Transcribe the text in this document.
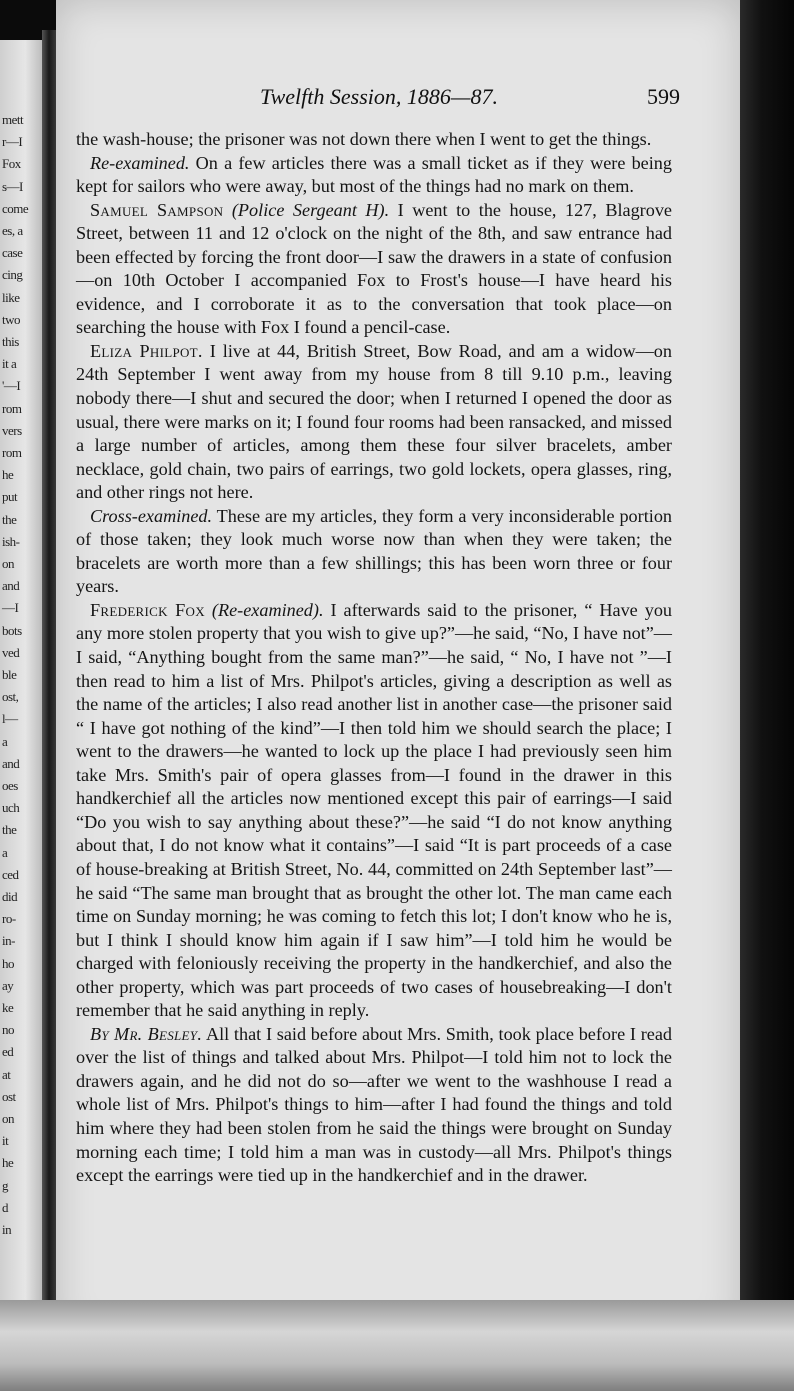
mett
r—I
Fox
s—I
come
es, a
case
cing
like
two
this
it a
'—I
rom
vers
rom
he
put
the
ish-
on
and
—I
bots
ved
ble
ost,
l—
a
and
oes
uch
the
a
ced
did
ro-
in-
ho
ay
ke
no
ed
at
ost
on
it
he
g
d
in
Twelfth Session, 1886—87.	599

the wash-house; the prisoner was not down there when I went to get the things.

Re-examined. On a few articles there was a small ticket as if they were being kept for sailors who were away, but most of the things had no mark on them.

Samuel Sampson (Police Sergeant H). I went to the house, 127, Blagrove Street, between 11 and 12 o'clock on the night of the 8th, and saw entrance had been effected by forcing the front door—I saw the drawers in a state of confusion—on 10th October I accompanied Fox to Frost's house—I have heard his evidence, and I corroborate it as to the conversation that took place—on searching the house with Fox I found a pencil-case.

Eliza Philpot. I live at 44, British Street, Bow Road, and am a widow—on 24th September I went away from my house from 8 till 9.10 p.m., leaving nobody there—I shut and secured the door; when I returned I opened the door as usual, there were marks on it; I found four rooms had been ransacked, and missed a large number of articles, among them these four silver bracelets, amber necklace, gold chain, two pairs of earrings, two gold lockets, opera glasses, ring, and other rings not here.

Cross-examined. These are my articles, they form a very inconsiderable portion of those taken; they look much worse now than when they were taken; the bracelets are worth more than a few shillings; this has been worn three or four years.

Frederick Fox (Re-examined). I afterwards said to the prisoner, “ Have you any more stolen property that you wish to give up?”—he said, “No, I have not”—I said, “Anything bought from the same man?”—he said, “ No, I have not ”—I then read to him a list of Mrs. Philpot's articles, giving a description as well as the name of the articles; I also read another list in another case—the prisoner said “ I have got nothing of the kind”—I then told him we should search the place; I went to the drawers—he wanted to lock up the place I had previously seen him take Mrs. Smith's pair of opera glasses from—I found in the drawer in this handkerchief all the articles now mentioned except this pair of earrings—I said “Do you wish to say anything about these?”—he said “I do not know anything about that, I do not know what it contains”—I said “It is part proceeds of a case of house-breaking at British Street, No. 44, committed on 24th September last”—he said “The same man brought that as brought the other lot. The man came each time on Sunday morning; he was coming to fetch this lot; I don't know who he is, but I think I should know him again if I saw him”—I told him he would be charged with feloniously receiving the property in the handkerchief, and also the other property, which was part proceeds of two cases of housebreaking—I don't remember that he said anything in reply.

By Mr. Besley. All that I said before about Mrs. Smith, took place before I read over the list of things and talked about Mrs. Philpot—I told him not to lock the drawers again, and he did not do so—after we went to the washhouse I read a whole list of Mrs. Philpot's things to him—after I had found the things and told him where they had been stolen from he said the things were brought on Sunday morning each time; I told him a man was in custody—all Mrs. Philpot's things except the earrings were tied up in the handkerchief and in the drawer.
